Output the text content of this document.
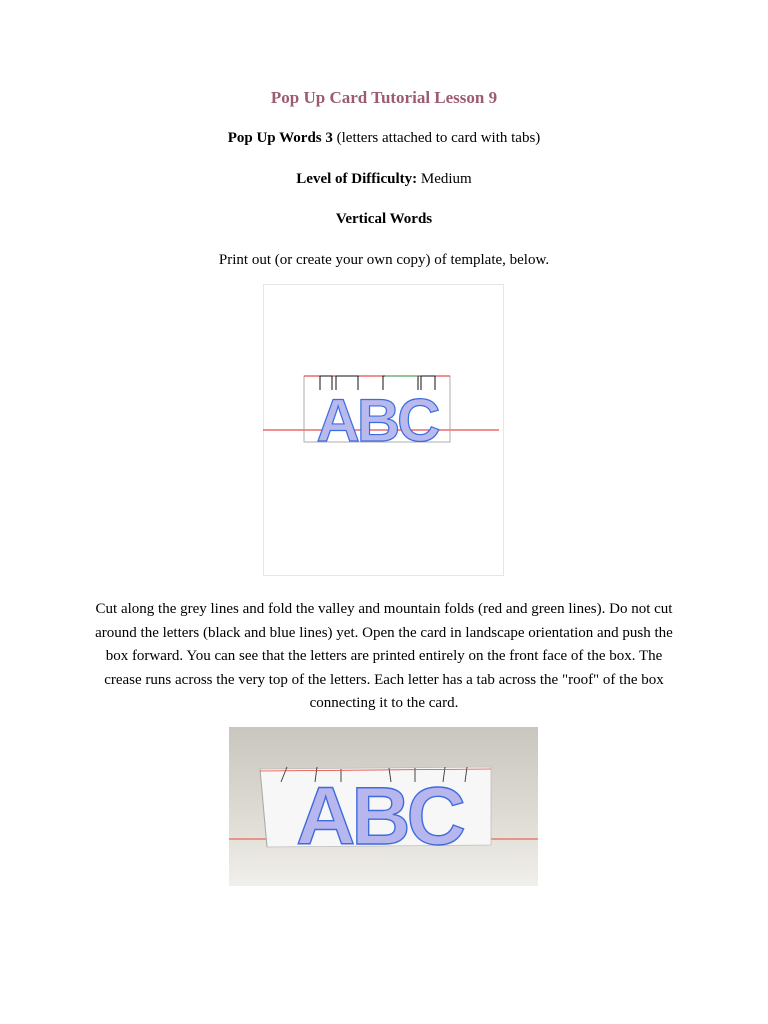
Pop Up Card Tutorial Lesson 9
Pop Up Words 3 (letters attached to card with tabs)
Level of Difficulty: Medium
Vertical Words
Print out (or create your own copy) of template, below.
ABC
Cut along the grey lines and fold the valley and mountain folds (red and green lines). Do not cut around the letters (black and blue lines) yet. Open the card in landscape orientation and push the box forward. You can see that the letters are printed entirely on the front face of the box. The crease runs across the very top of the letters. Each letter has a tab across the "roof" of the box connecting it to the card.
ABC
